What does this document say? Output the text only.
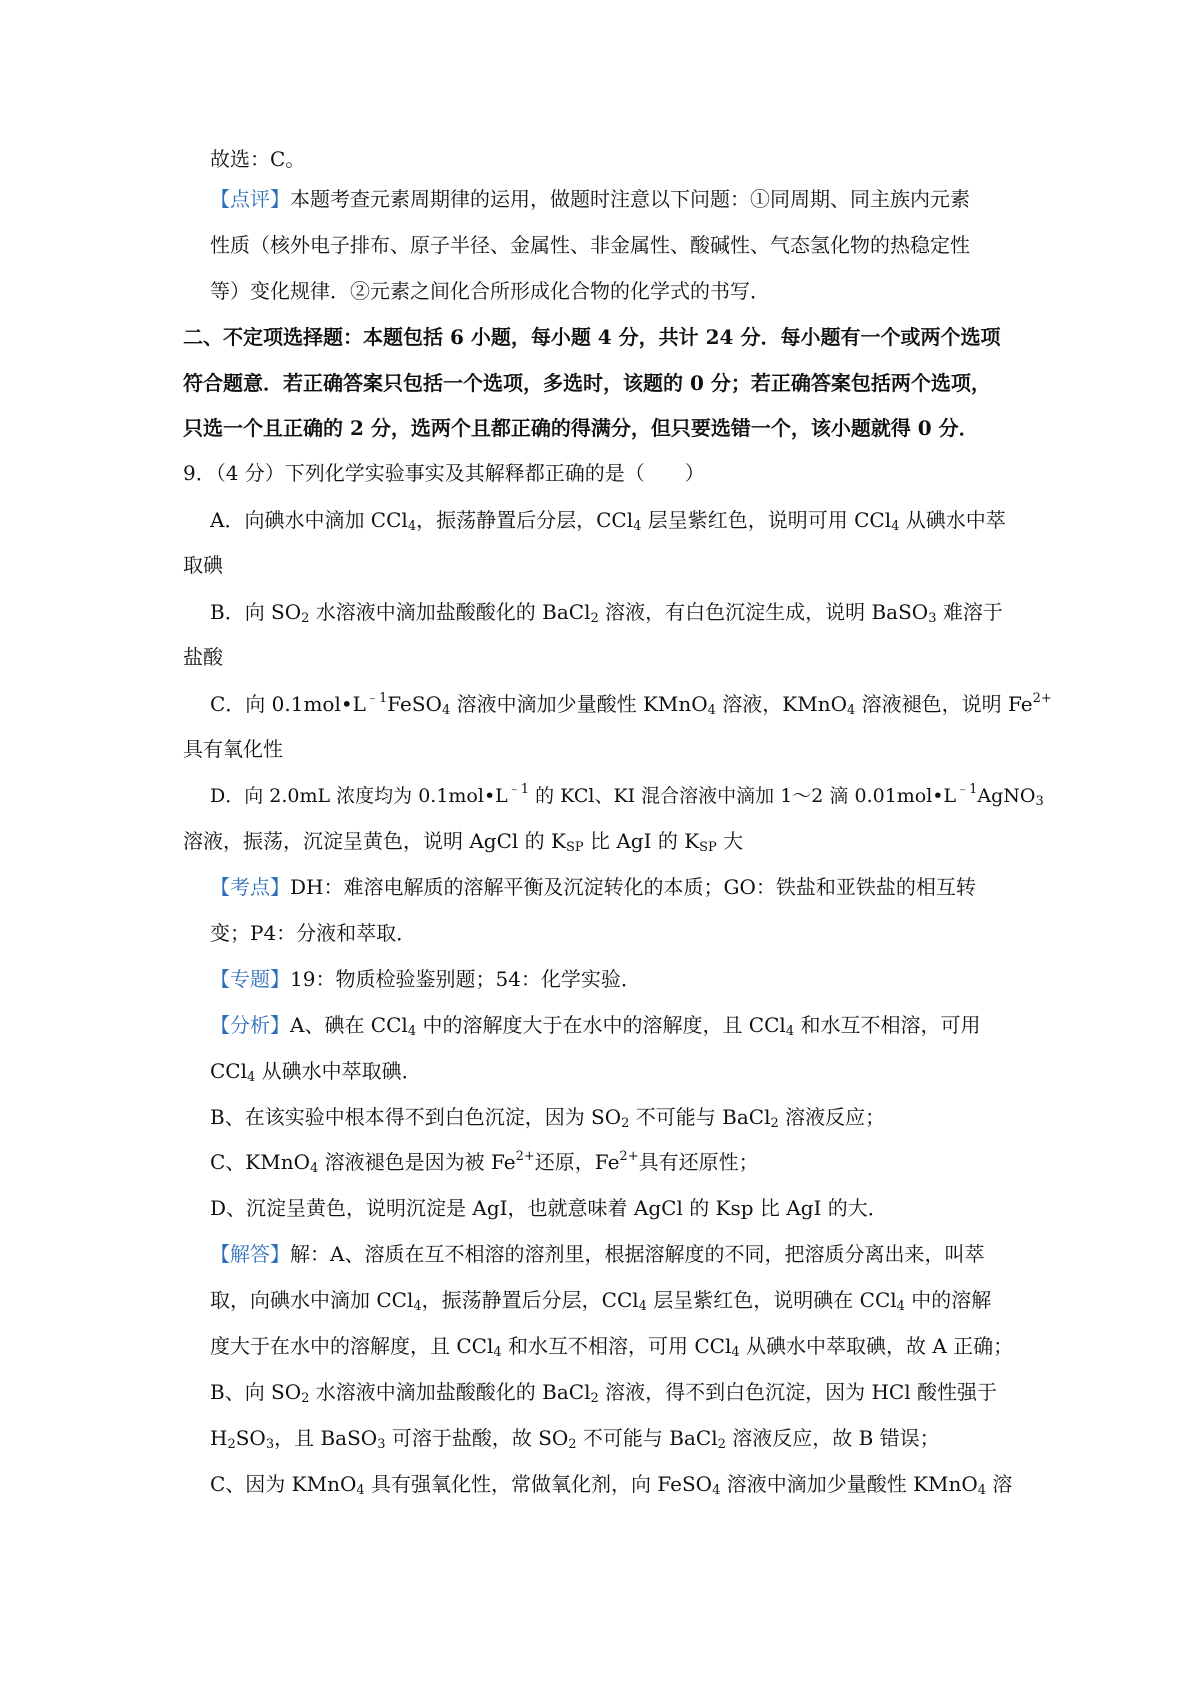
故选：C。
【点评】本题考查元素周期律的运用，做题时注意以下问题：①同周期、同主族内元素
性质（核外电子排布、原子半径、金属性、非金属性、酸碱性、气态氢化物的热稳定性
等）变化规律．②元素之间化合所形成化合物的化学式的书写．
二、不定项选择题：本题包括 6 小题，每小题 4 分，共计 24 分．每小题有一个或两个选项
符合题意．若正确答案只包括一个选项，多选时，该题的 0 分；若正确答案包括两个选项，
只选一个且正确的 2 分，选两个且都正确的得满分，但只要选错一个，该小题就得 0 分．
9．（4 分）下列化学实验事实及其解释都正确的是（　　）
A．向碘水中滴加 CCl$_4$，振荡静置后分层，CCl$_4$ 层呈紫红色，说明可用 CCl$_4$ 从碘水中萃
取碘
B．向 $SO_2$ 水溶液中滴加盐酸酸化的 BaCl$_2$ 溶液，有白色沉淀生成，说明 BaSO$_3$ 难溶于
盐酸
C．向 $0.1mol•L^{﹣1}FeSO_4$ 溶液中滴加少量酸性 KMnO$_4$ 溶液，KMnO$_4$ 溶液褪色，说明 $Fe^{2+}$
具有氧化性
D．向 2.0mL 浓度均为 $0.1mol•L^{﹣1}$ 的 KCl、KI 混合溶液中滴加 1～2 滴 $0.01mol•L^{﹣1}AgNO_3$
溶液，振荡，沉淀呈黄色，说明 AgCl 的 $K_{SP}$ 比 AgI 的 $K_{SP}$ 大
【考点】DH：难溶电解质的溶解平衡及沉淀转化的本质；GO：铁盐和亚铁盐的相互转
变；P4：分液和萃取．
【专题】19：物质检验鉴别题；54：化学实验．
【分析】A、碘在 CCl$_4$ 中的溶解度大于在水中的溶解度，且 CCl$_4$ 和水互不相溶，可用
CCl$_4$ 从碘水中萃取碘．
B、在该实验中根本得不到白色沉淀，因为 $SO_2$ 不可能与 BaCl$_2$ 溶液反应；
C、KMnO$_4$ 溶液褪色是因为被 $Fe^{2+}$还原，$Fe^{2+}$具有还原性；
D、沉淀呈黄色，说明沉淀是 AgI，也就意味着 AgCl 的 Ksp 比 AgI 的大．
【解答】解：A、溶质在互不相溶的溶剂里，根据溶解度的不同，把溶质分离出来，叫萃
取，向碘水中滴加 CCl$_4$，振荡静置后分层，CCl$_4$ 层呈紫红色，说明碘在 CCl$_4$ 中的溶解
度大于在水中的溶解度，且 CCl$_4$ 和水互不相溶，可用 CCl$_4$ 从碘水中萃取碘，故 A 正确；
B、向 $SO_2$ 水溶液中滴加盐酸酸化的 BaCl$_2$ 溶液，得不到白色沉淀，因为 HCl 酸性强于
$H_2SO_3$，且 BaSO$_3$ 可溶于盐酸，故 $SO_2$ 不可能与 BaCl$_2$ 溶液反应，故 B 错误；
C、因为 KMnO$_4$ 具有强氧化性，常做氧化剂，向 FeSO$_4$ 溶液中滴加少量酸性 KMnO$_4$ 溶
